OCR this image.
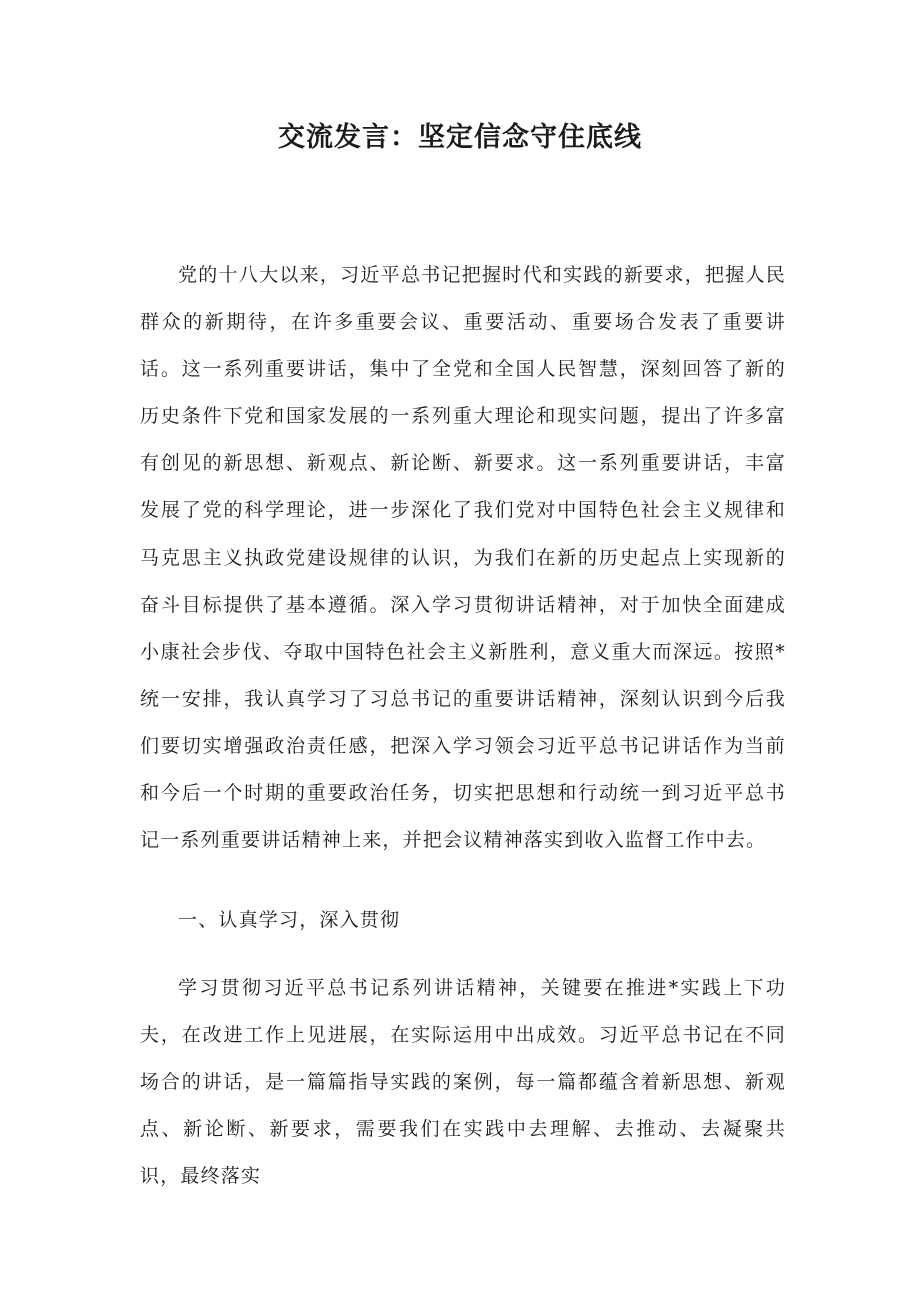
交流发言：坚定信念守住底线

党的十八大以来，习近平总书记把握时代和实践的新要求，把握人民群众的新期待，在许多重要会议、重要活动、重要场合发表了重要讲话。这一系列重要讲话，集中了全党和全国人民智慧，深刻回答了新的历史条件下党和国家发展的一系列重大理论和现实问题，提出了许多富有创见的新思想、新观点、新论断、新要求。这一系列重要讲话，丰富发展了党的科学理论，进一步深化了我们党对中国特色社会主义规律和马克思主义执政党建设规律的认识，为我们在新的历史起点上实现新的奋斗目标提供了基本遵循。深入学习贯彻讲话精神，对于加快全面建成小康社会步伐、夺取中国特色社会主义新胜利，意义重大而深远。按照*统一安排，我认真学习了习总书记的重要讲话精神，深刻认识到今后我们要切实增强政治责任感，把深入学习领会习近平总书记讲话作为当前和今后一个时期的重要政治任务，切实把思想和行动统一到习近平总书记一系列重要讲话精神上来，并把会议精神落实到收入监督工作中去。

一、认真学习，深入贯彻

学习贯彻习近平总书记系列讲话精神，关键要在推进*实践上下功夫，在改进工作上见进展，在实际运用中出成效。习近平总书记在不同场合的讲话，是一篇篇指导实践的案例，每一篇都蕴含着新思想、新观点、新论断、新要求，需要我们在实践中去理解、去推动、去凝聚共识，最终落实
